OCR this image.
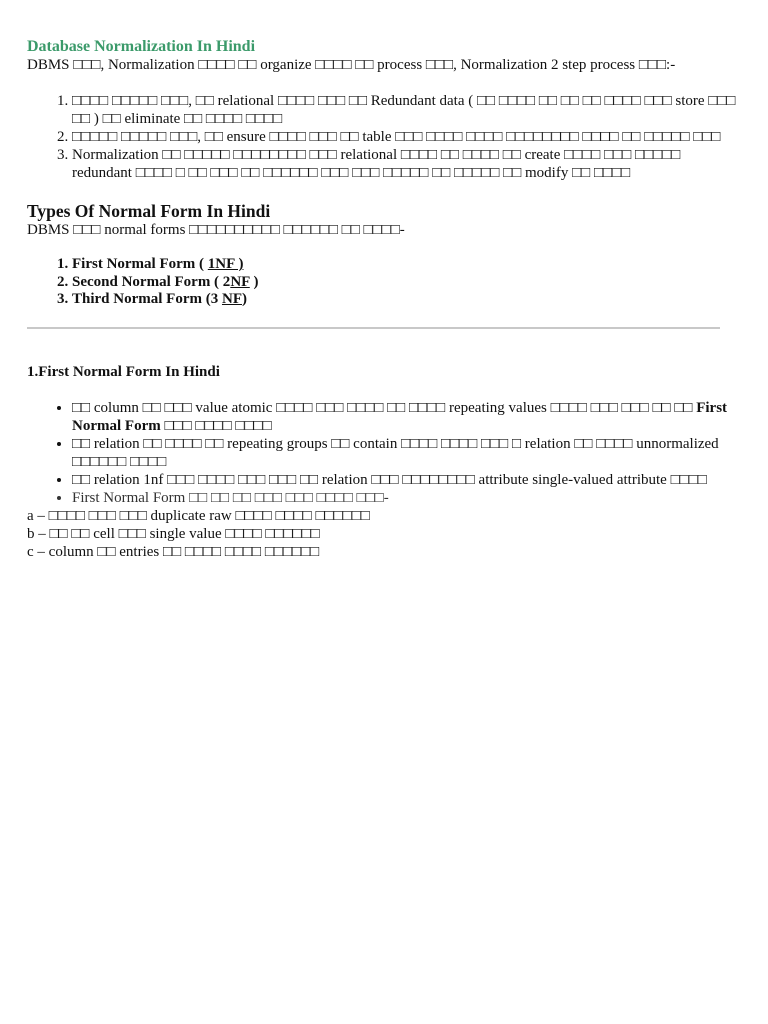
Database Normalization In Hindi

DBMS □□□, Normalization □□□□ □□ organize □□□□ □□ process □□□, Normalization 2 step process □□□:-

1. □□□□ □□□□□ □□□, □□ relational □□□□ □□□ □□ Redundant data ( □□ □□□□ □□ □□ □□ □□□□ □□□ store □□□ □□ ) □□ eliminate □□ □□□□ □□□□
2. □□□□□ □□□□□ □□□, □□ ensure □□□□ □□□ □□ table □□□ □□□□ □□□□ □□□□□□□□ □□□□ □□ □□□□□ □□□
3. Normalization □□ □□□□□ □□□□□□□□ □□□ relational □□□□ □□ □□□□ □□ create □□□□ □□□ □□□□□ redundant □□□□ □ □□ □□□ □□ □□□□□□ □□□ □□□ □□□□□ □□ □□□□□ □□ modify □□ □□□□
Types Of Normal Form In Hindi

DBMS □□□ normal forms □□□□□□□□□□ □□□□□□ □□ □□□□-

1. First Normal Form ( 1NF )
2. Second Normal Form ( 2NF )
3. Third Normal Form (3 NF)
1.First Normal Form In Hindi
• □□ column □□ □□□ value atomic □□□□ □□□ □□□□ □□ □□□□ repeating values □□□□ □□□ □□□ □□ □□ First Normal Form □□□ □□□□ □□□□
• □□ relation □□ □□□□ □□ repeating groups □□ contain □□□□ □□□□ □□□ □ relation □□ □□□□ unnormalized □□□□□□ □□□□
• □□ relation 1nf □□□ □□□□ □□□ □□□ □□ relation □□□ □□□□□□□□ attribute single-valued attribute □□□□
• First Normal Form □□ □□ □□ □□□ □□□ □□□□ □□□-

a – □□□□ □□□ □□□ duplicate raw □□□□ □□□□ □□□□□□

b – □□ □□ cell □□□ single value □□□□ □□□□□□

c – column □□ entries □□ □□□□ □□□□ □□□□□□
